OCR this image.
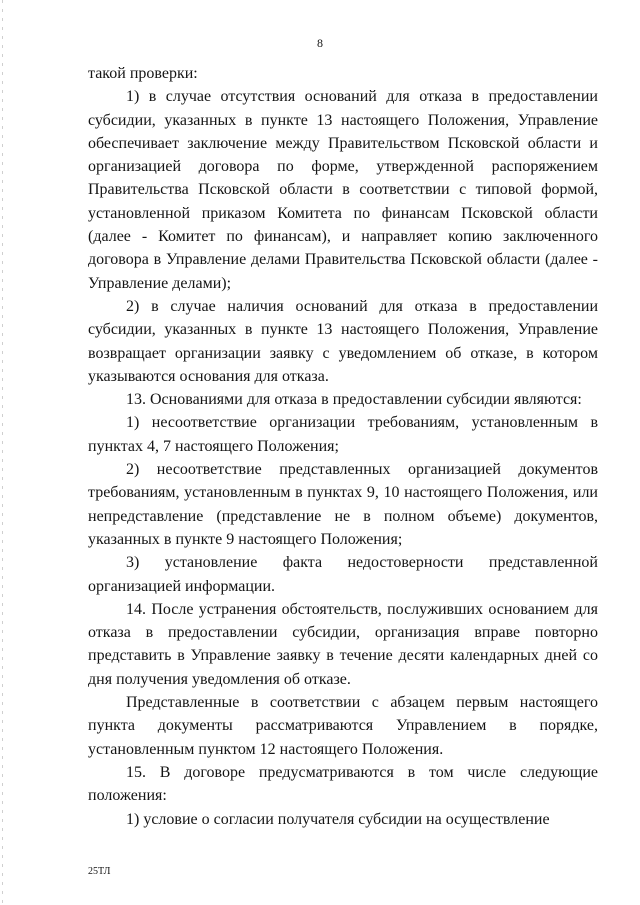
8

такой проверки:

1) в случае отсутствия оснований для отказа в предоставлении субсидии, указанных в пункте 13 настоящего Положения, Управление обеспечивает заключение между Правительством Псковской области и организацией договора по форме, утвержденной распоряжением Правительства Псковской области в соответствии с типовой формой, установленной приказом Комитета по финансам Псковской области (далее - Комитет по финансам), и направляет копию заключенного договора в Управление делами Правительства Псковской области (далее - Управление делами);

2) в случае наличия оснований для отказа в предоставлении субсидии, указанных в пункте 13 настоящего Положения, Управление возвращает организации заявку с уведомлением об отказе, в котором указываются основания для отказа.

13. Основаниями для отказа в предоставлении субсидии являются:

1) несоответствие организации требованиям, установленным в пунктах 4, 7 настоящего Положения;

2) несоответствие представленных организацией документов требованиям, установленным в пунктах 9, 10 настоящего Положения, или непредставление (представление не в полном объеме) документов, указанных в пункте 9 настоящего Положения;

3) установление факта недостоверности представленной организацией информации.

14. После устранения обстоятельств, послуживших основанием для отказа в предоставлении субсидии, организация вправе повторно представить в Управление заявку в течение десяти календарных дней со дня получения уведомления об отказе.

Представленные в соответствии с абзацем первым настоящего пункта документы рассматриваются Управлением в порядке, установленным пунктом 12 настоящего Положения.

15. В договоре предусматриваются в том числе следующие положения:

1) условие о согласии получателя субсидии на осуществление

25ТЛ
